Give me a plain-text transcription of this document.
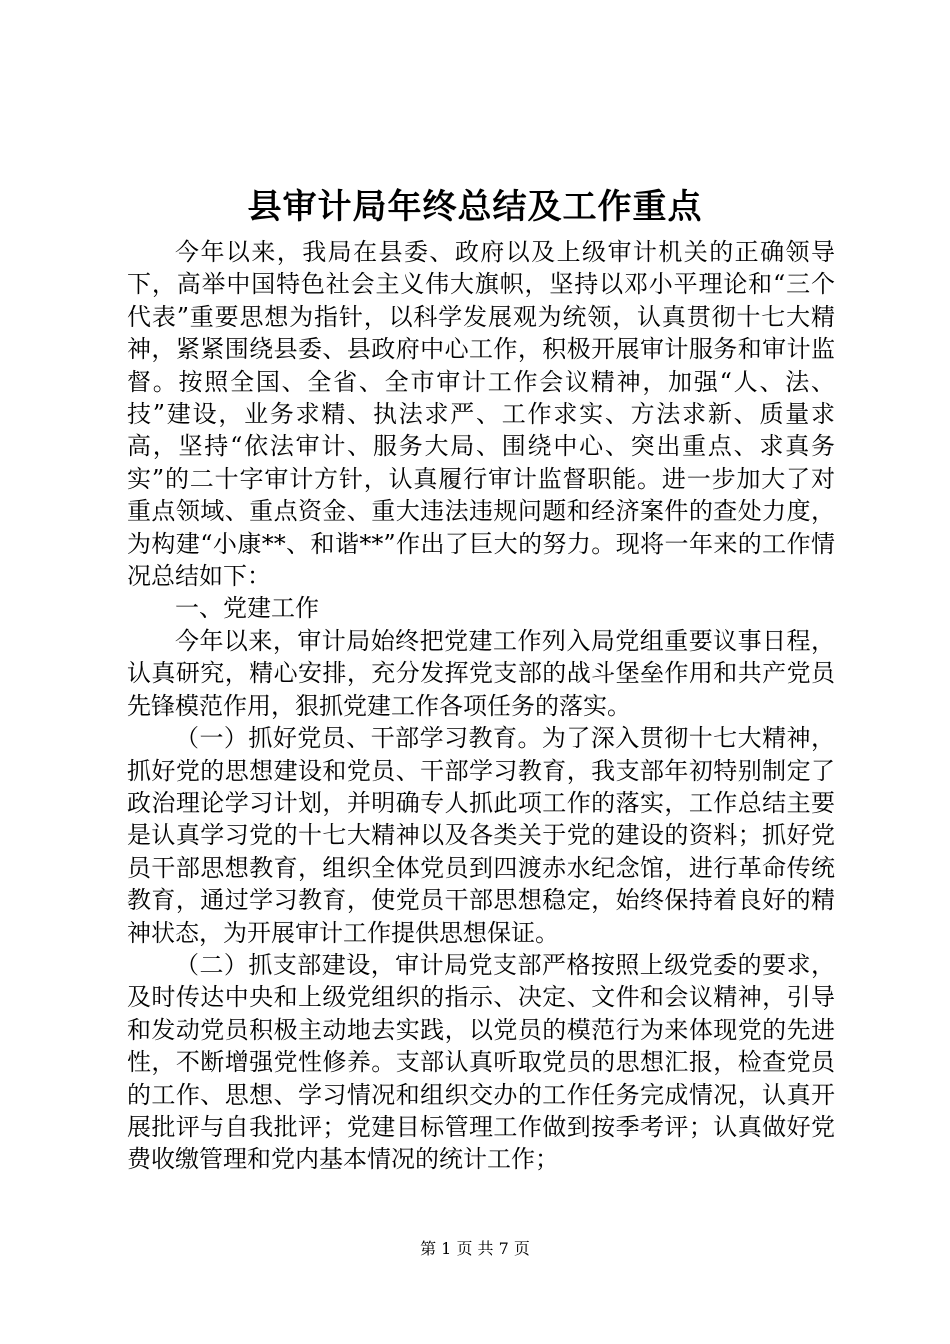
县审计局年终总结及工作重点

今年以来，我局在县委、政府以及上级审计机关的正确领导下，高举中国特色社会主义伟大旗帜，坚持以邓小平理论和“三个代表”重要思想为指针，以科学发展观为统领，认真贯彻十七大精神，紧紧围绕县委、县政府中心工作，积极开展审计服务和审计监督。按照全国、全省、全市审计工作会议精神，加强“人、法、技”建设，业务求精、执法求严、工作求实、方法求新、质量求高，坚持“依法审计、服务大局、围绕中心、突出重点、求真务实”的二十字审计方针，认真履行审计监督职能。进一步加大了对重点领域、重点资金、重大违法违规问题和经济案件的查处力度，为构建“小康**、和谐**”作出了巨大的努力。现将一年来的工作情况总结如下：

一、党建工作

今年以来，审计局始终把党建工作列入局党组重要议事日程，认真研究，精心安排，充分发挥党支部的战斗堡垒作用和共产党员先锋模范作用，狠抓党建工作各项任务的落实。

（一）抓好党员、干部学习教育。为了深入贯彻十七大精神，抓好党的思想建设和党员、干部学习教育，我支部年初特别制定了政治理论学习计划，并明确专人抓此项工作的落实，工作总结主要是认真学习党的十七大精神以及各类关于党的建设的资料；抓好党员干部思想教育，组织全体党员到四渡赤水纪念馆，进行革命传统教育，通过学习教育，使党员干部思想稳定，始终保持着良好的精神状态，为开展审计工作提供思想保证。

（二）抓支部建设，审计局党支部严格按照上级党委的要求，及时传达中央和上级党组织的指示、决定、文件和会议精神，引导和发动党员积极主动地去实践，以党员的模范行为来体现党的先进性，不断增强党性修养。支部认真听取党员的思想汇报，检查党员的工作、思想、学习情况和组织交办的工作任务完成情况，认真开展批评与自我批评；党建目标管理工作做到按季考评；认真做好党费收缴管理和党内基本情况的统计工作；

第 1 页 共 7 页
